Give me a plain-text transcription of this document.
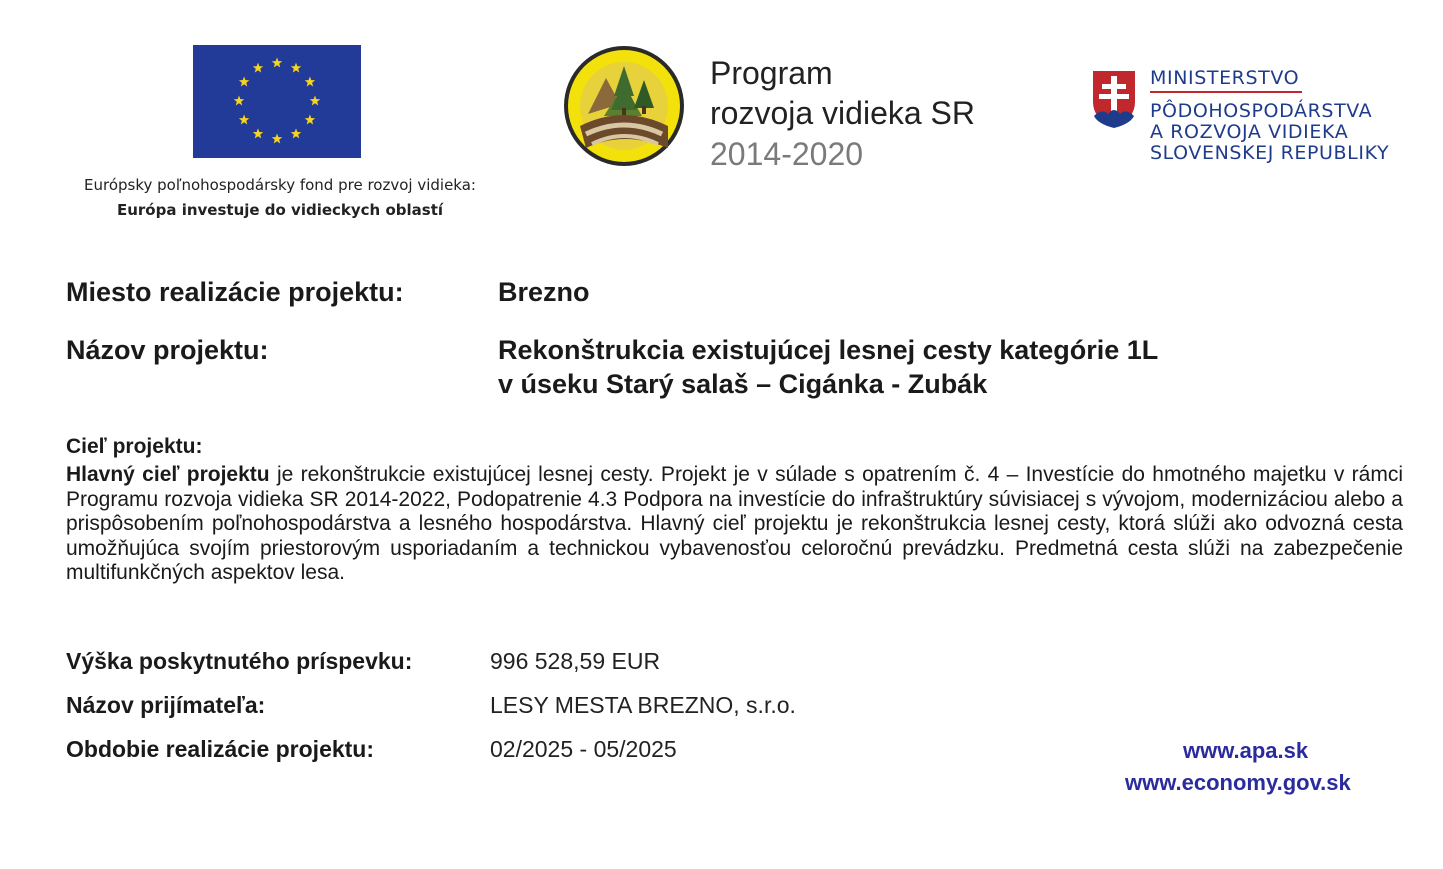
Európsky poľnohospodársky fond pre rozvoj vidieka:
Európa investuje do vidieckych oblastí
Program
rozvoja vidieka SR
2014-2020
MINISTERSTVO
PÔDOHOSPODÁRSTVA
A ROZVOJA VIDIEKA
SLOVENSKEJ REPUBLIKY
Miesto realizácie projektu:	Brezno
Názov projektu:	Rekonštrukcia existujúcej lesnej cesty kategórie 1L
v úseku Starý salaš – Cigánka - Zubák
Cieľ projektu:

Hlavný cieľ projektu je rekonštrukcie existujúcej lesnej cesty. Projekt je v súlade s opatrením č. 4 – Investície do hmotného majetku v rámci Programu rozvoja vidieka SR 2014-2022, Podopatrenie 4.3 Podpora na investície do infraštruktúry súvisiacej s vývojom, modernizáciou alebo a prispôsobením poľnohospodárstva a lesného hospodárstva. Hlavný cieľ projektu je rekonštrukcia lesnej cesty, ktorá slúži ako odvozná cesta umožňujúca svojím priestorovým usporiadaním a technickou vybavenosťou celoročnú prevádzku. Predmetná cesta slúži na zabezpečenie multifunkčných aspektov lesa.

Výška poskytnutého príspevku:	996 528,59 EUR
Názov prijímateľa:	LESY MESTA BREZNO, s.r.o.
Obdobie realizácie projektu:	02/2025 - 05/2025	www.apa.sk
www.economy.gov.sk
